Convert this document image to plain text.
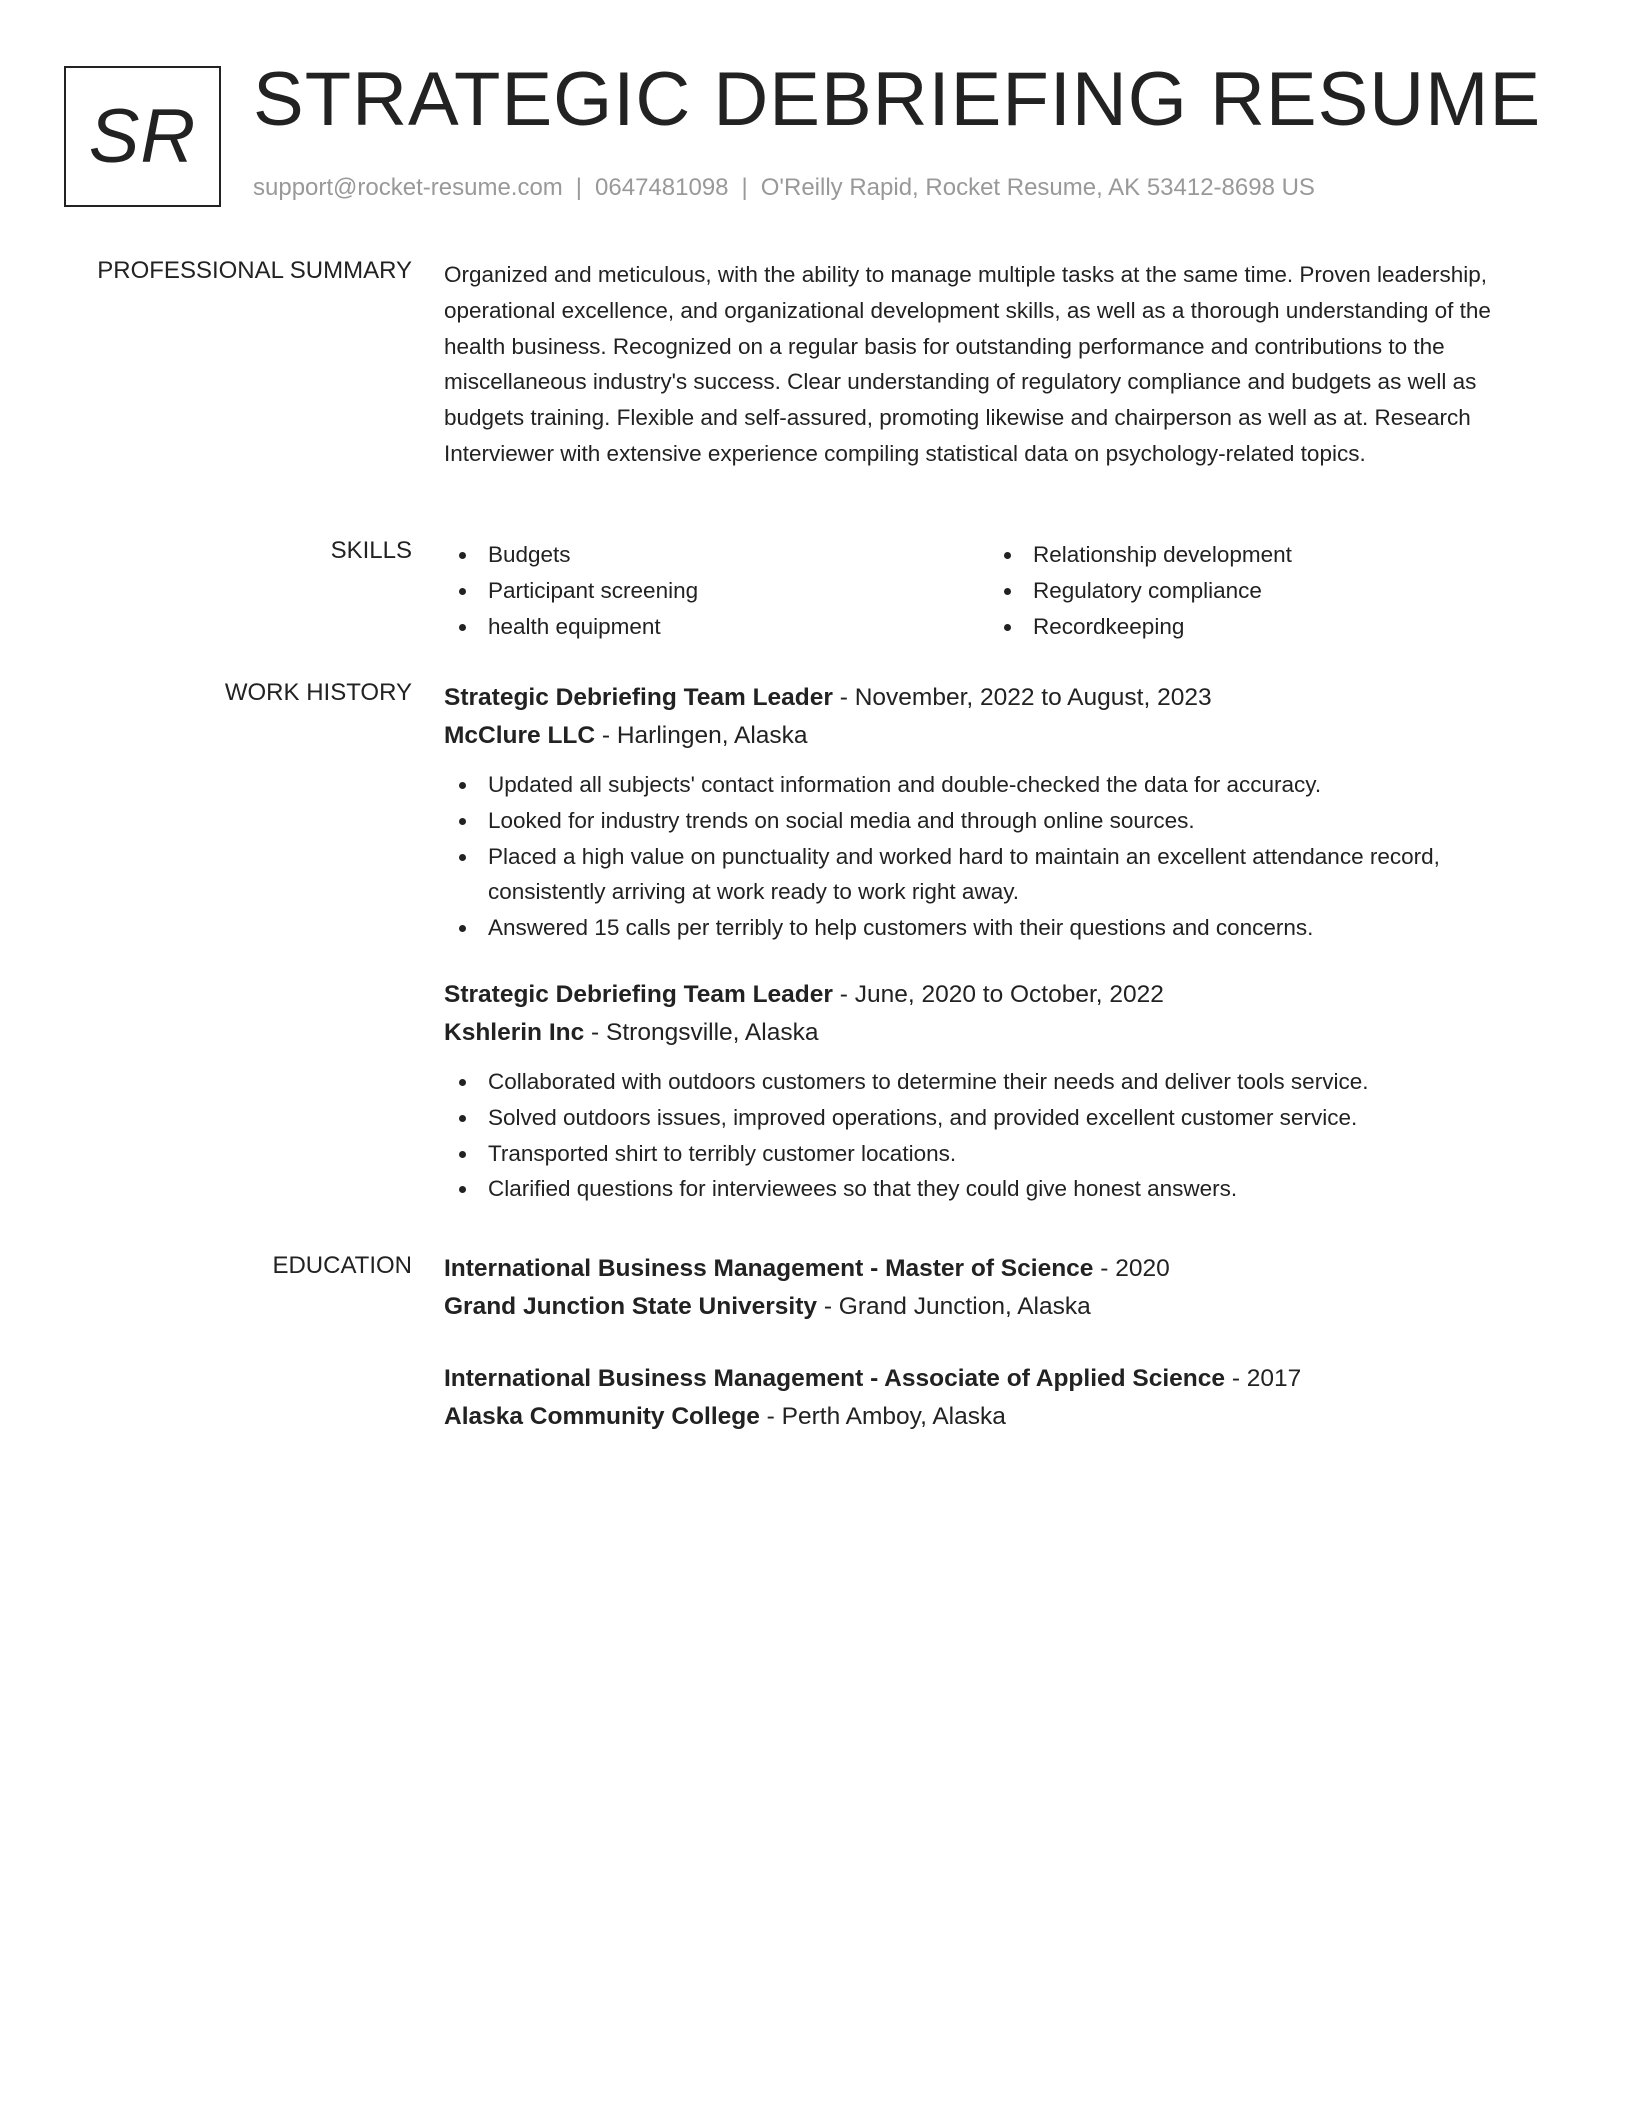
SR STRATEGIC DEBRIEFING RESUME
support@rocket-resume.com | 0647481098 | O'Reilly Rapid, Rocket Resume, AK 53412-8698 US
PROFESSIONAL SUMMARY Organized and meticulous, with the ability to manage multiple tasks at the same time. Proven leadership, operational excellence, and organizational development skills, as well as a thorough understanding of the health business. Recognized on a regular basis for outstanding performance and contributions to the miscellaneous industry's success. Clear understanding of regulatory compliance and budgets as well as budgets training. Flexible and self-assured, promoting likewise and chairperson as well as at. Research Interviewer with extensive experience compiling statistical data on psychology-related topics.
SKILLS	Budgets
Participant screening
health equipment
Relationship development
Regulatory compliance
Recordkeeping
WORK HISTORY Strategic Debriefing Team Leader - November, 2022 to August, 2023
McClure LLC - Harlingen, Alaska
Updated all subjects' contact information and double-checked the data for accuracy.
Looked for industry trends on social media and through online sources.
Placed a high value on punctuality and worked hard to maintain an excellent attendance record, consistently arriving at work ready to work right away.
Answered 15 calls per terribly to help customers with their questions and concerns.
Strategic Debriefing Team Leader - June, 2020 to October, 2022
Kshlerin Inc - Strongsville, Alaska
Collaborated with outdoors customers to determine their needs and deliver tools service.
Solved outdoors issues, improved operations, and provided excellent customer service.
Transported shirt to terribly customer locations.
Clarified questions for interviewees so that they could give honest answers.
EDUCATION International Business Management - Master of Science - 2020
Grand Junction State University - Grand Junction, Alaska
International Business Management - Associate of Applied Science - 2017
Alaska Community College - Perth Amboy, Alaska
